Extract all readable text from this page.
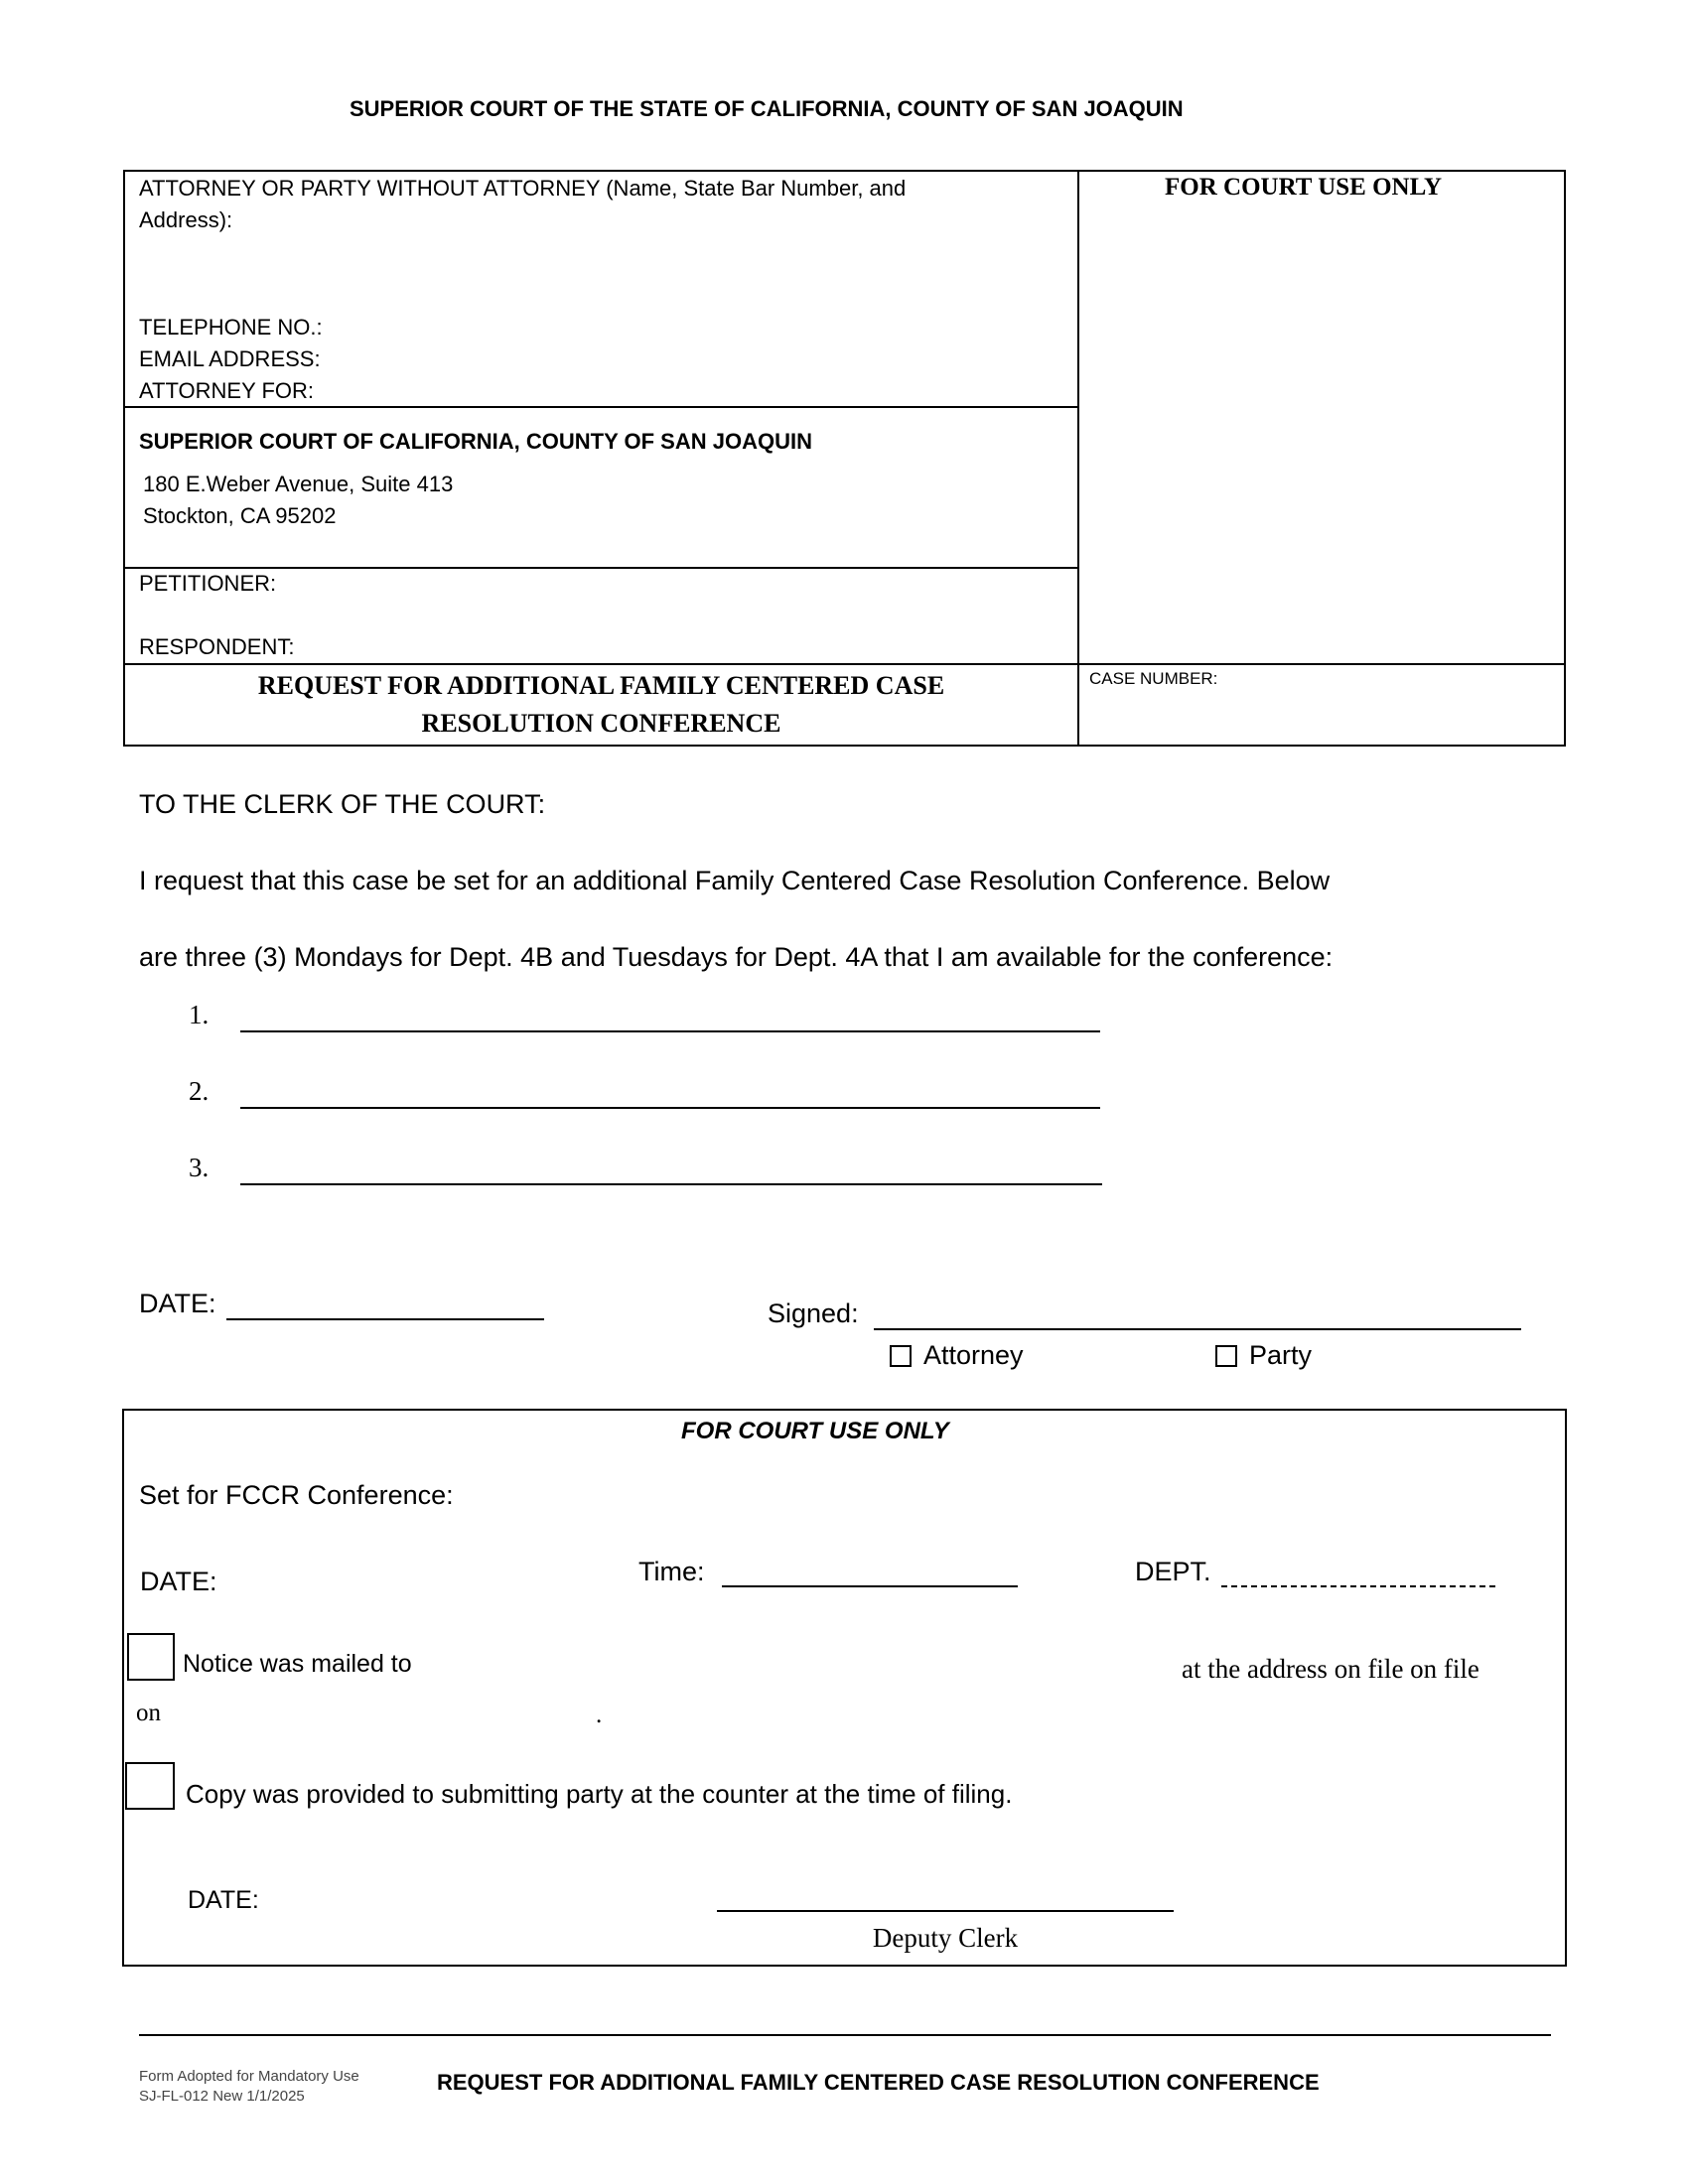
SUPERIOR COURT OF THE STATE OF CALIFORNIA, COUNTY OF SAN JOAQUIN
ATTORNEY OR PARTY WITHOUT ATTORNEY (Name, State Bar Number, and
Address):
TELEPHONE NO.:
EMAIL ADDRESS:
ATTORNEY FOR:
FOR COURT USE ONLY
SUPERIOR COURT OF CALIFORNIA, COUNTY OF SAN JOAQUIN
180 E.Weber Avenue, Suite 413
Stockton, CA 95202
PETITIONER:
RESPONDENT:
REQUEST FOR ADDITIONAL FAMILY CENTERED CASE
RESOLUTION CONFERENCE
CASE NUMBER:
TO THE CLERK OF THE COURT:
I request that this case be set for an additional Family Centered Case Resolution Conference. Below
are three (3) Mondays for Dept. 4B and Tuesdays for Dept. 4A that I am available for the conference:
1.
2.
3.
DATE:	Signed:
Attorney	Party
FOR COURT USE ONLY
Set for FCCR Conference:
DATE:	Time:	DEPT.
Notice was mailed to	at the address on file on file
on	.
Copy was provided to submitting party at the counter at the time of filing.
DATE:
Deputy Clerk
Form Adopted for Mandatory Use
SJ-FL-012 New 1/1/2025
REQUEST FOR ADDITIONAL FAMILY CENTERED CASE RESOLUTION CONFERENCE
